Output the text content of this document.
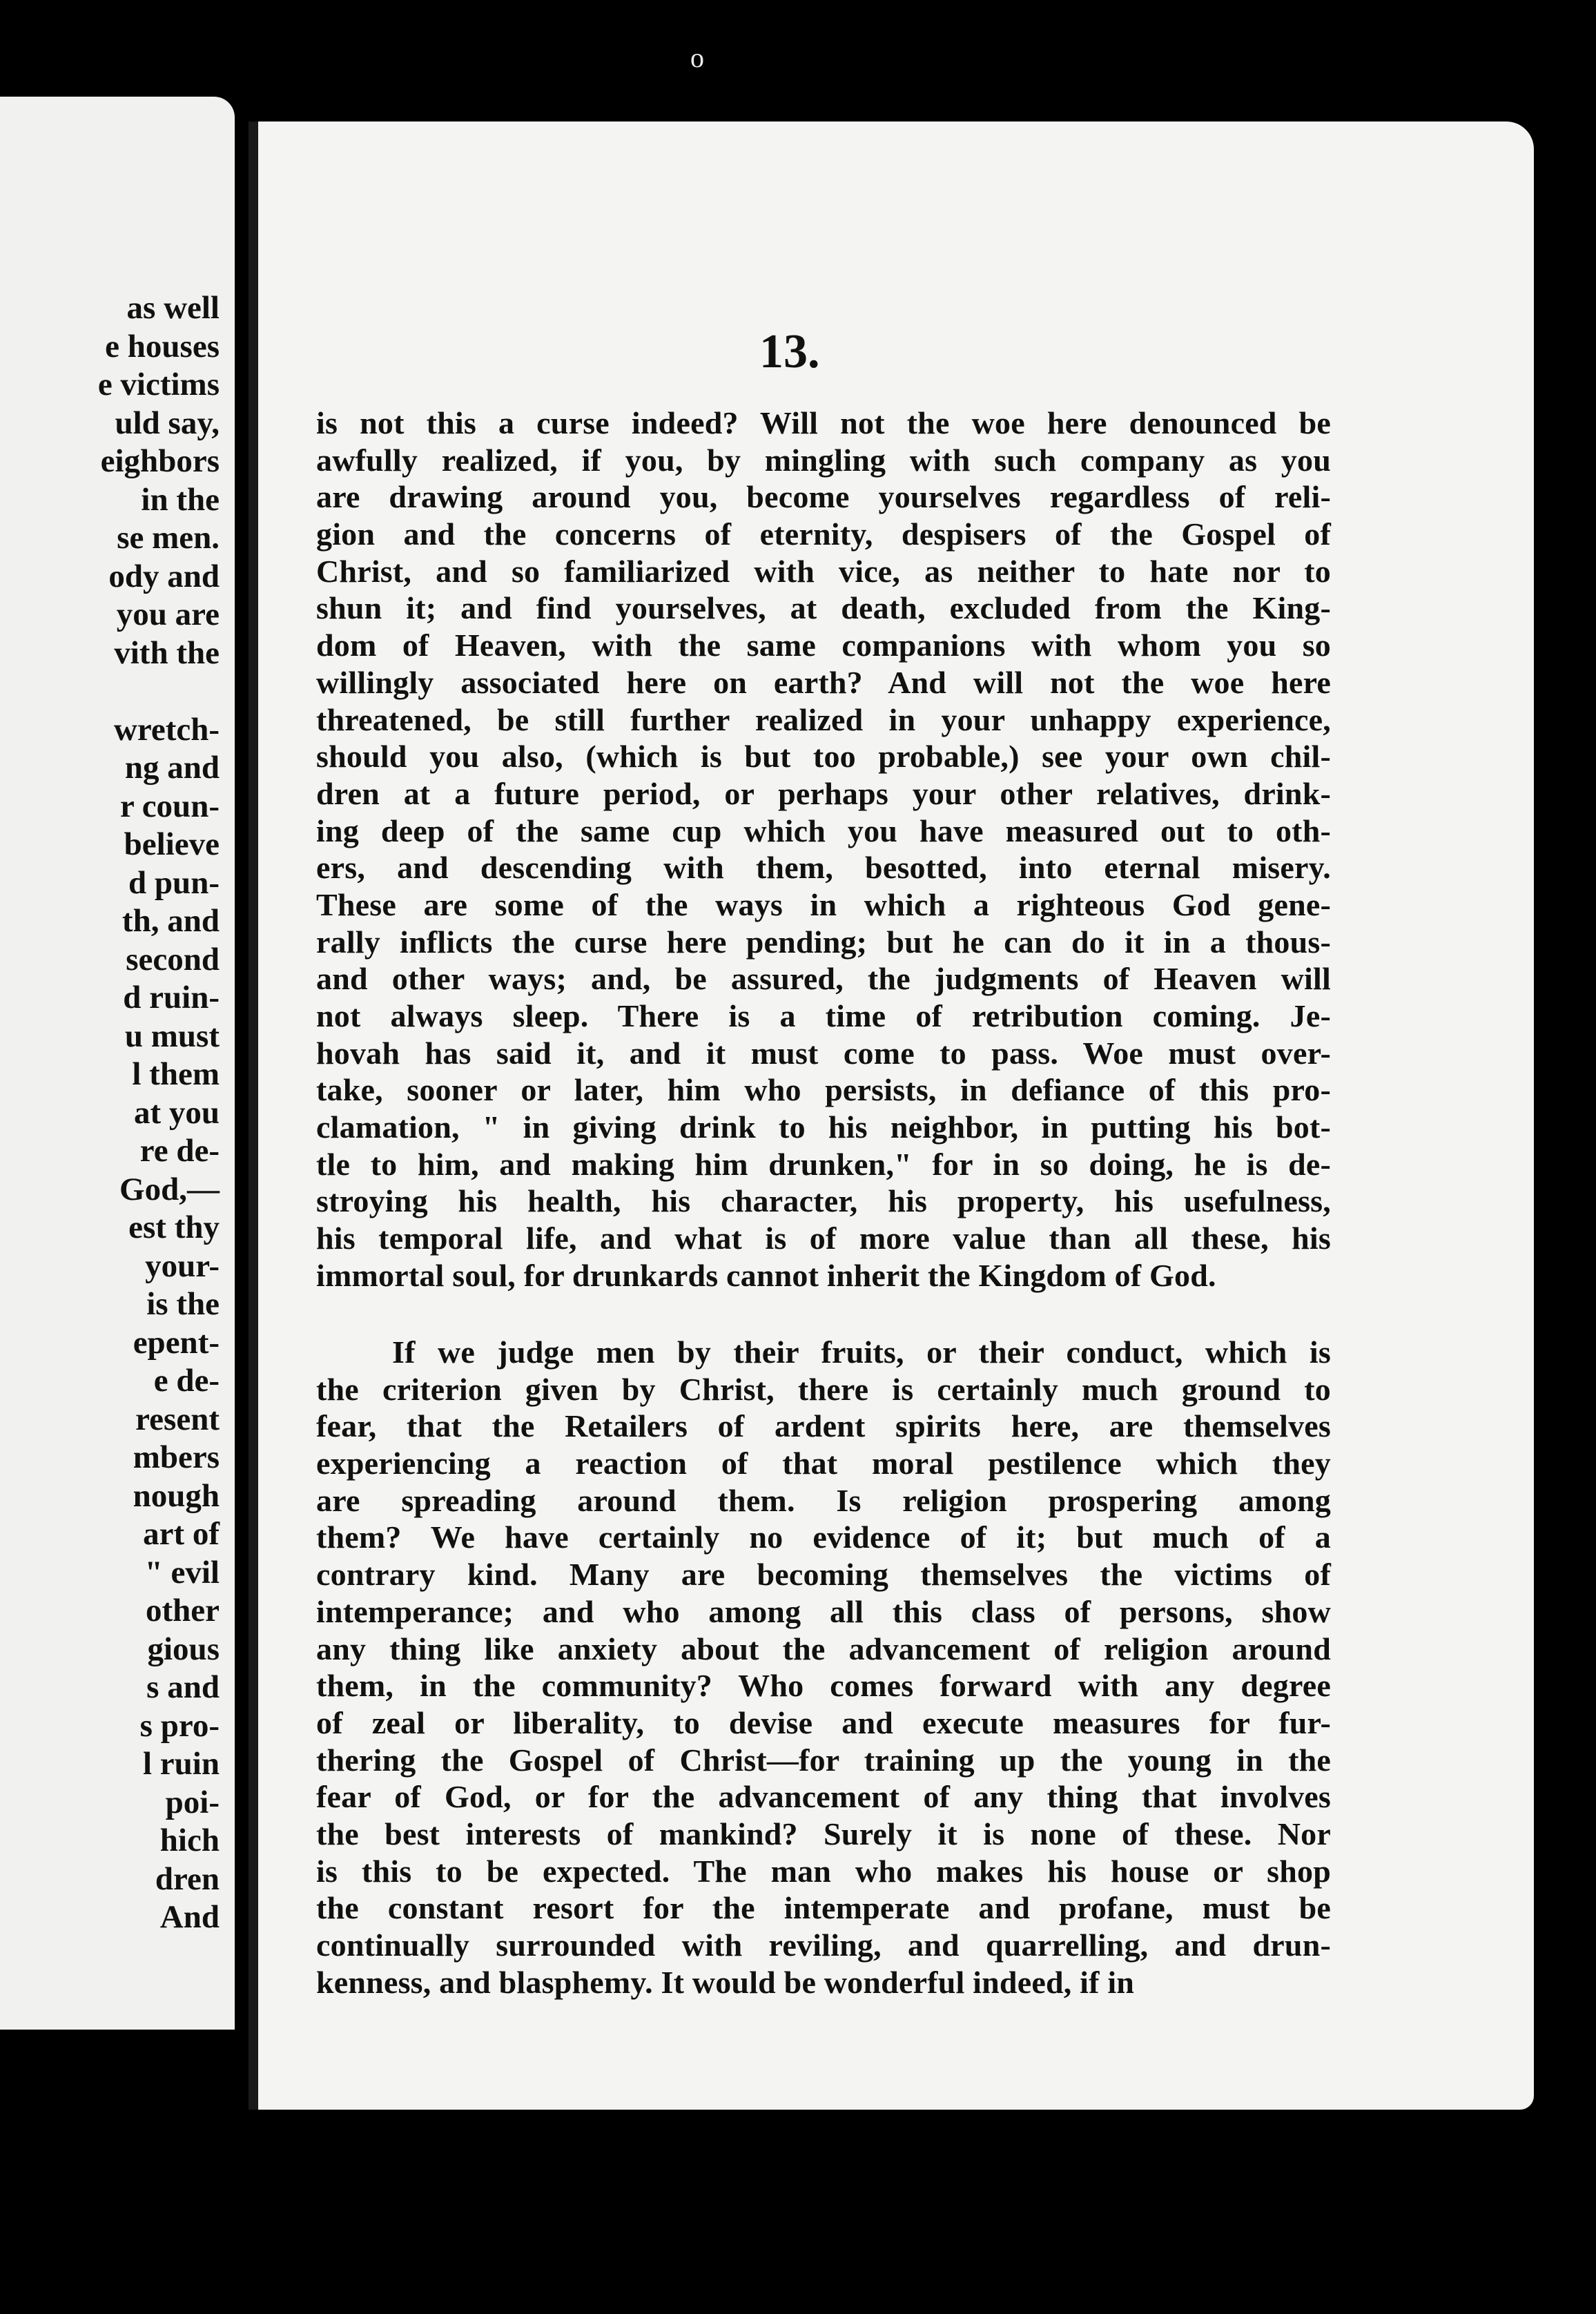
o
as well
e houses
e victims
uld say,
eighbors
in the
se men.
ody and
you are
vith the
wretch-
ng and
r coun-
believe
d pun-
th, and
second
d ruin-
u must
l them
at you
re de-
God,—
est thy
your-
is the
epent-
e de-
resent
mbers
nough
art of
" evil
other
gious
s and
s pro-
l ruin
poi-
hich
dren
And
13.
is not this a curse indeed? Will not the woe here denounced be
awfully realized, if you, by mingling with such company as you
are drawing around you, become yourselves regardless of reli-
gion and the concerns of eternity, despisers of the Gospel of
Christ, and so familiarized with vice, as neither to hate nor to
shun it; and find yourselves, at death, excluded from the King-
dom of Heaven, with the same companions with whom you so
willingly associated here on earth? And will not the woe here
threatened, be still further realized in your unhappy experience,
should you also, (which is but too probable,) see your own chil-
dren at a future period, or perhaps your other relatives, drink-
ing deep of the same cup which you have measured out to oth-
ers, and descending with them, besotted, into eternal misery.
These are some of the ways in which a righteous God gene-
rally inflicts the curse here pending; but he can do it in a thous-
and other ways; and, be assured, the judgments of Heaven will
not always sleep. There is a time of retribution coming. Je-
hovah has said it, and it must come to pass. Woe must over-
take, sooner or later, him who persists, in defiance of this pro-
clamation, " in giving drink to his neighbor, in putting his bot-
tle to him, and making him drunken," for in so doing, he is de-
stroying his health, his character, his property, his usefulness,
his temporal life, and what is of more value than all these, his
immortal soul, for drunkards cannot inherit the Kingdom of God.
If we judge men by their fruits, or their conduct, which is
the criterion given by Christ, there is certainly much ground to
fear, that the Retailers of ardent spirits here, are themselves
experiencing a reaction of that moral pestilence which they
are spreading around them. Is religion prospering among
them? We have certainly no evidence of it; but much of a
contrary kind. Many are becoming themselves the victims of
intemperance; and who among all this class of persons, show
any thing like anxiety about the advancement of religion around
them, in the community? Who comes forward with any degree
of zeal or liberality, to devise and execute measures for fur-
thering the Gospel of Christ—for training up the young in the
fear of God, or for the advancement of any thing that involves
the best interests of mankind? Surely it is none of these. Nor
is this to be expected. The man who makes his house or shop
the constant resort for the intemperate and profane, must be
continually surrounded with reviling, and quarrelling, and drun-
kenness, and blasphemy. It would be wonderful indeed, if in
